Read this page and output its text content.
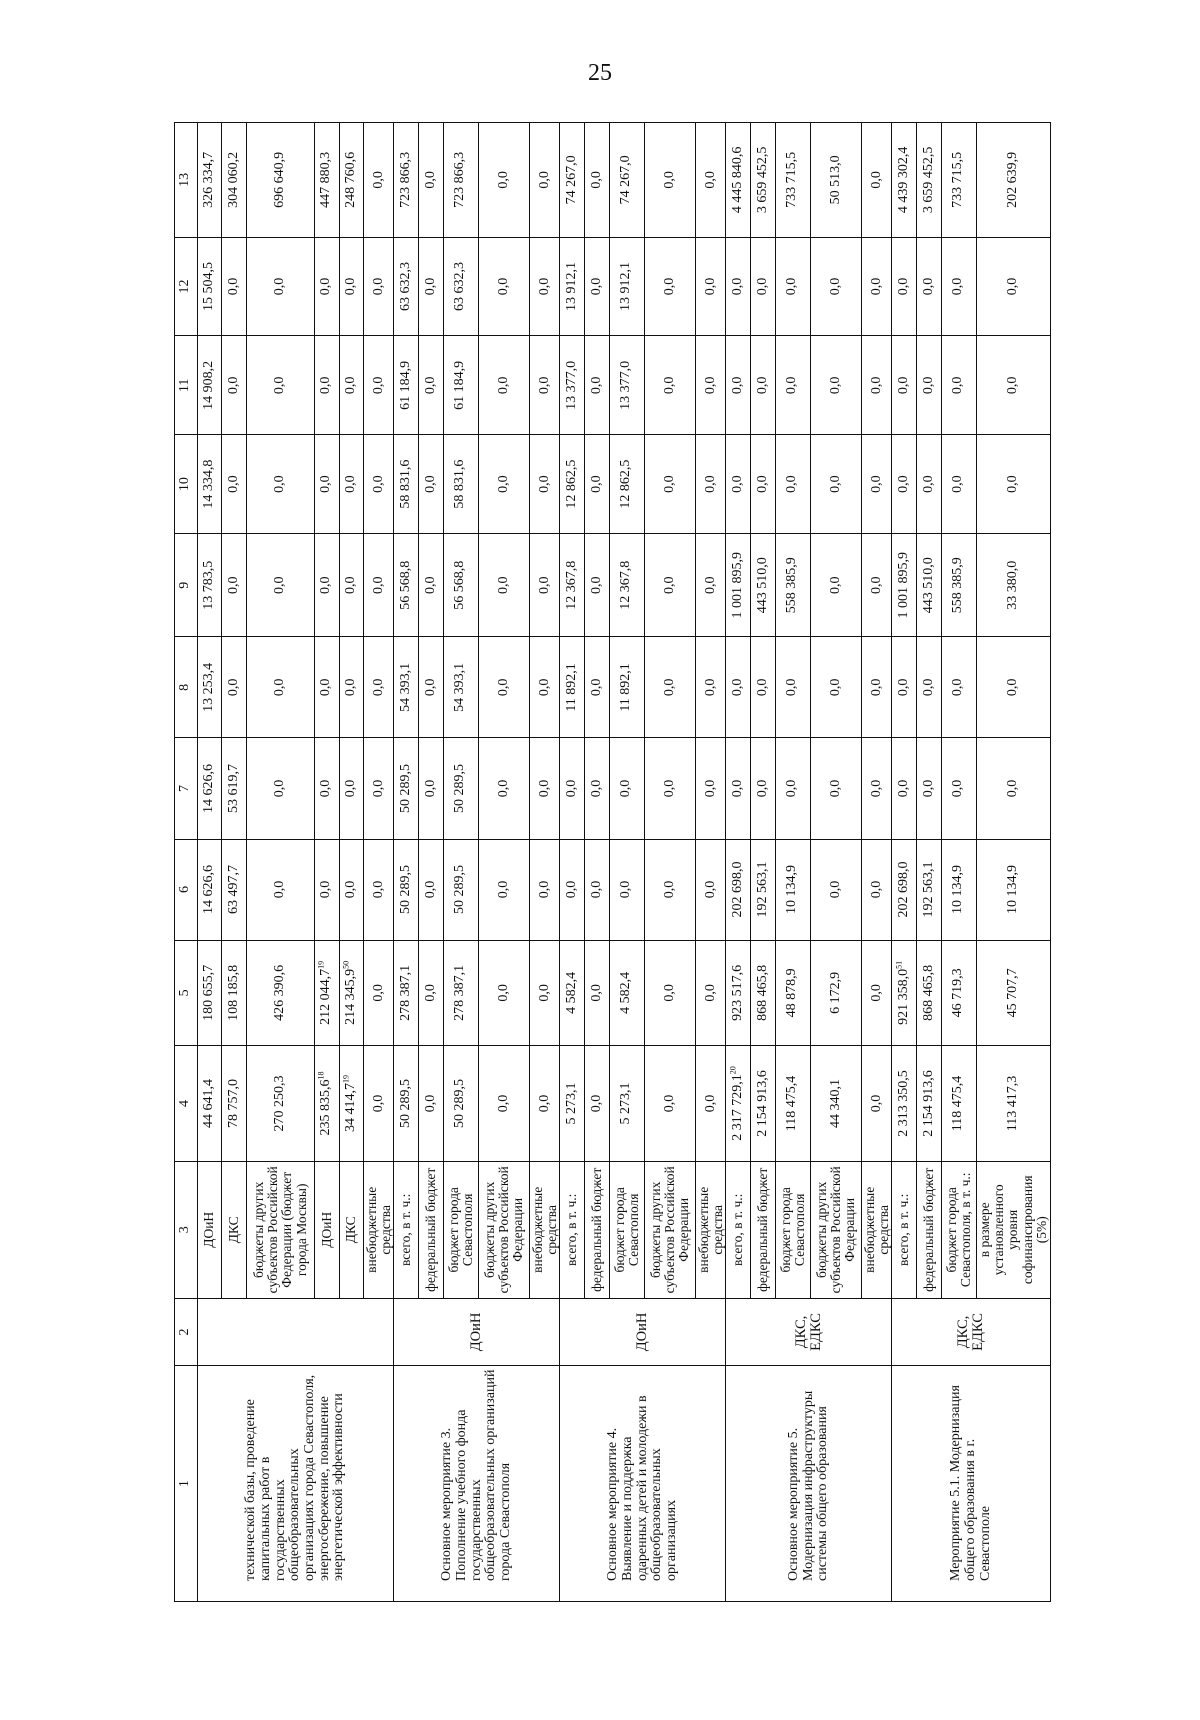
25
1	2	3	4	5	6	7	8	9	10	11	12	13
технической базы, проведение капитальных работ в государственных общеобразовательных организациях города Севастополя, энергосбережение, повышение энергетической эффективности		ДОиН	44 641,4	180 655,7	14 626,6	14 626,6	13 253,4	13 783,5	14 334,8	14 908,2	15 504,5	326 334,7
		ДКС	78 757,0	108 185,8	63 497,7	53 619,7	0,0	0,0	0,0	0,0	0,0	304 060,2
		бюджеты других субъектов Российской Федерации (бюджет города Москвы)	270 250,3	426 390,6	0,0	0,0	0,0	0,0	0,0	0,0	0,0	696 640,9
		ДОиН	235 835,6$^{18}$	212 044,7$^{19}$	0,0	0,0	0,0	0,0	0,0	0,0	0,0	447 880,3
		ДКС	34 414,7$^{19}$	214 345,9$^{50}$	0,0	0,0	0,0	0,0	0,0	0,0	0,0	248 760,6
		внебюджетные средства	0,0	0,0	0,0	0,0	0,0	0,0	0,0	0,0	0,0	0,0
Основное мероприятие 3. Пополнение учебного фонда государственных общеобразовательных организаций города Севастополя	ДОиН	всего, в т. ч.:	50 289,5	278 387,1	50 289,5	50 289,5	54 393,1	56 568,8	58 831,6	61 184,9	63 632,3	723 866,3
		федеральный бюджет	0,0	0,0	0,0	0,0	0,0	0,0	0,0	0,0	0,0	0,0
		бюджет города Севастополя	50 289,5	278 387,1	50 289,5	50 289,5	54 393,1	56 568,8	58 831,6	61 184,9	63 632,3	723 866,3
		бюджеты других субъектов Российской Федерации	0,0	0,0	0,0	0,0	0,0	0,0	0,0	0,0	0,0	0,0
		внебюджетные средства	0,0	0,0	0,0	0,0	0,0	0,0	0,0	0,0	0,0	0,0
Основное мероприятие 4. Выявление и поддержка одаренных детей и молодежи в общеобразовательных организациях	ДОиН	всего, в т. ч.:	5 273,1	4 582,4	0,0	0,0	11 892,1	12 367,8	12 862,5	13 377,0	13 912,1	74 267,0
		федеральный бюджет	0,0	0,0	0,0	0,0	0,0	0,0	0,0	0,0	0,0	0,0
		бюджет города Севастополя	5 273,1	4 582,4	0,0	0,0	11 892,1	12 367,8	12 862,5	13 377,0	13 912,1	74 267,0
		бюджеты других субъектов Российской Федерации	0,0	0,0	0,0	0,0	0,0	0,0	0,0	0,0	0,0	0,0
		внебюджетные средства	0,0	0,0	0,0	0,0	0,0	0,0	0,0	0,0	0,0	0,0
Основное мероприятие 5. Модернизация инфраструктуры системы общего образования	ДКС, ЕДКС	всего, в т. ч.:	2 317 729,1$^{20}$	923 517,6	202 698,0	0,0	0,0	1 001 895,9	0,0	0,0	0,0	4 445 840,6
		федеральный бюджет	2 154 913,6	868 465,8	192 563,1	0,0	0,0	443 510,0	0,0	0,0	0,0	3 659 452,5
		бюджет города Севастополя	118 475,4	48 878,9	10 134,9	0,0	0,0	558 385,9	0,0	0,0	0,0	733 715,5
		бюджеты других субъектов Российской Федерации	44 340,1	6 172,9	0,0	0,0	0,0	0,0	0,0	0,0	0,0	50 513,0
		внебюджетные средства	0,0	0,0	0,0	0,0	0,0	0,0	0,0	0,0	0,0	0,0
Мероприятие 5.1. Модернизация общего образования в г. Севастополе	ДКС, ЕДКС	всего, в т. ч.:	2 313 350,5	921 358,0$^{51}$	202 698,0	0,0	0,0	1 001 895,9	0,0	0,0	0,0	4 439 302,4
		федеральный бюджет	2 154 913,6	868 465,8	192 563,1	0,0	0,0	443 510,0	0,0	0,0	0,0	3 659 452,5
		бюджет города Севастополя, в т. ч.:	118 475,4	46 719,3	10 134,9	0,0	0,0	558 385,9	0,0	0,0	0,0	733 715,5
		в размере установленного уровня софинансирования (5%)	113 417,3	45 707,7	10 134,9	0,0	0,0	33 380,0	0,0	0,0	0,0	202 639,9
